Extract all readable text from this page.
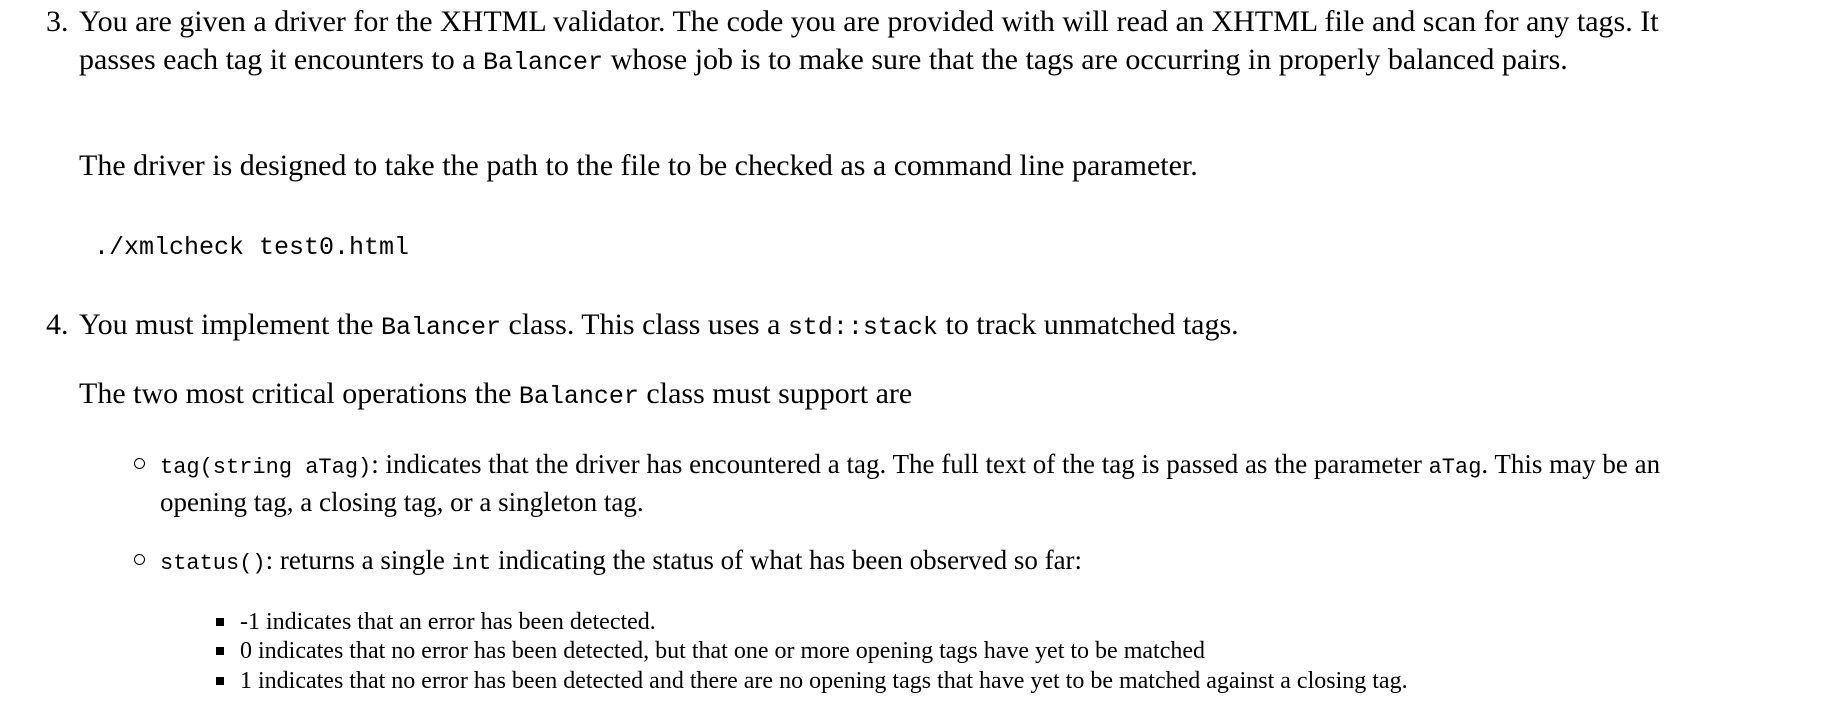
3. You are given a driver for the XHTML validator. The code you are provided with will read an XHTML file and scan for any tags. It passes each tag it encounters to a Balancer whose job is to make sure that the tags are occurring in properly balanced pairs.
The driver is designed to take the path to the file to be checked as a command line parameter.
./xmlcheck test0.html
4. You must implement the Balancer class. This class uses a std::stack to track unmatched tags.
The two most critical operations the Balancer class must support are
tag(string aTag): indicates that the driver has encountered a tag. The full text of the tag is passed as the parameter aTag. This may be an opening tag, a closing tag, or a singleton tag.
status(): returns a single int indicating the status of what has been observed so far:
-1 indicates that an error has been detected.
0 indicates that no error has been detected, but that one or more opening tags have yet to be matched
1 indicates that no error has been detected and there are no opening tags that have yet to be matched against a closing tag.
